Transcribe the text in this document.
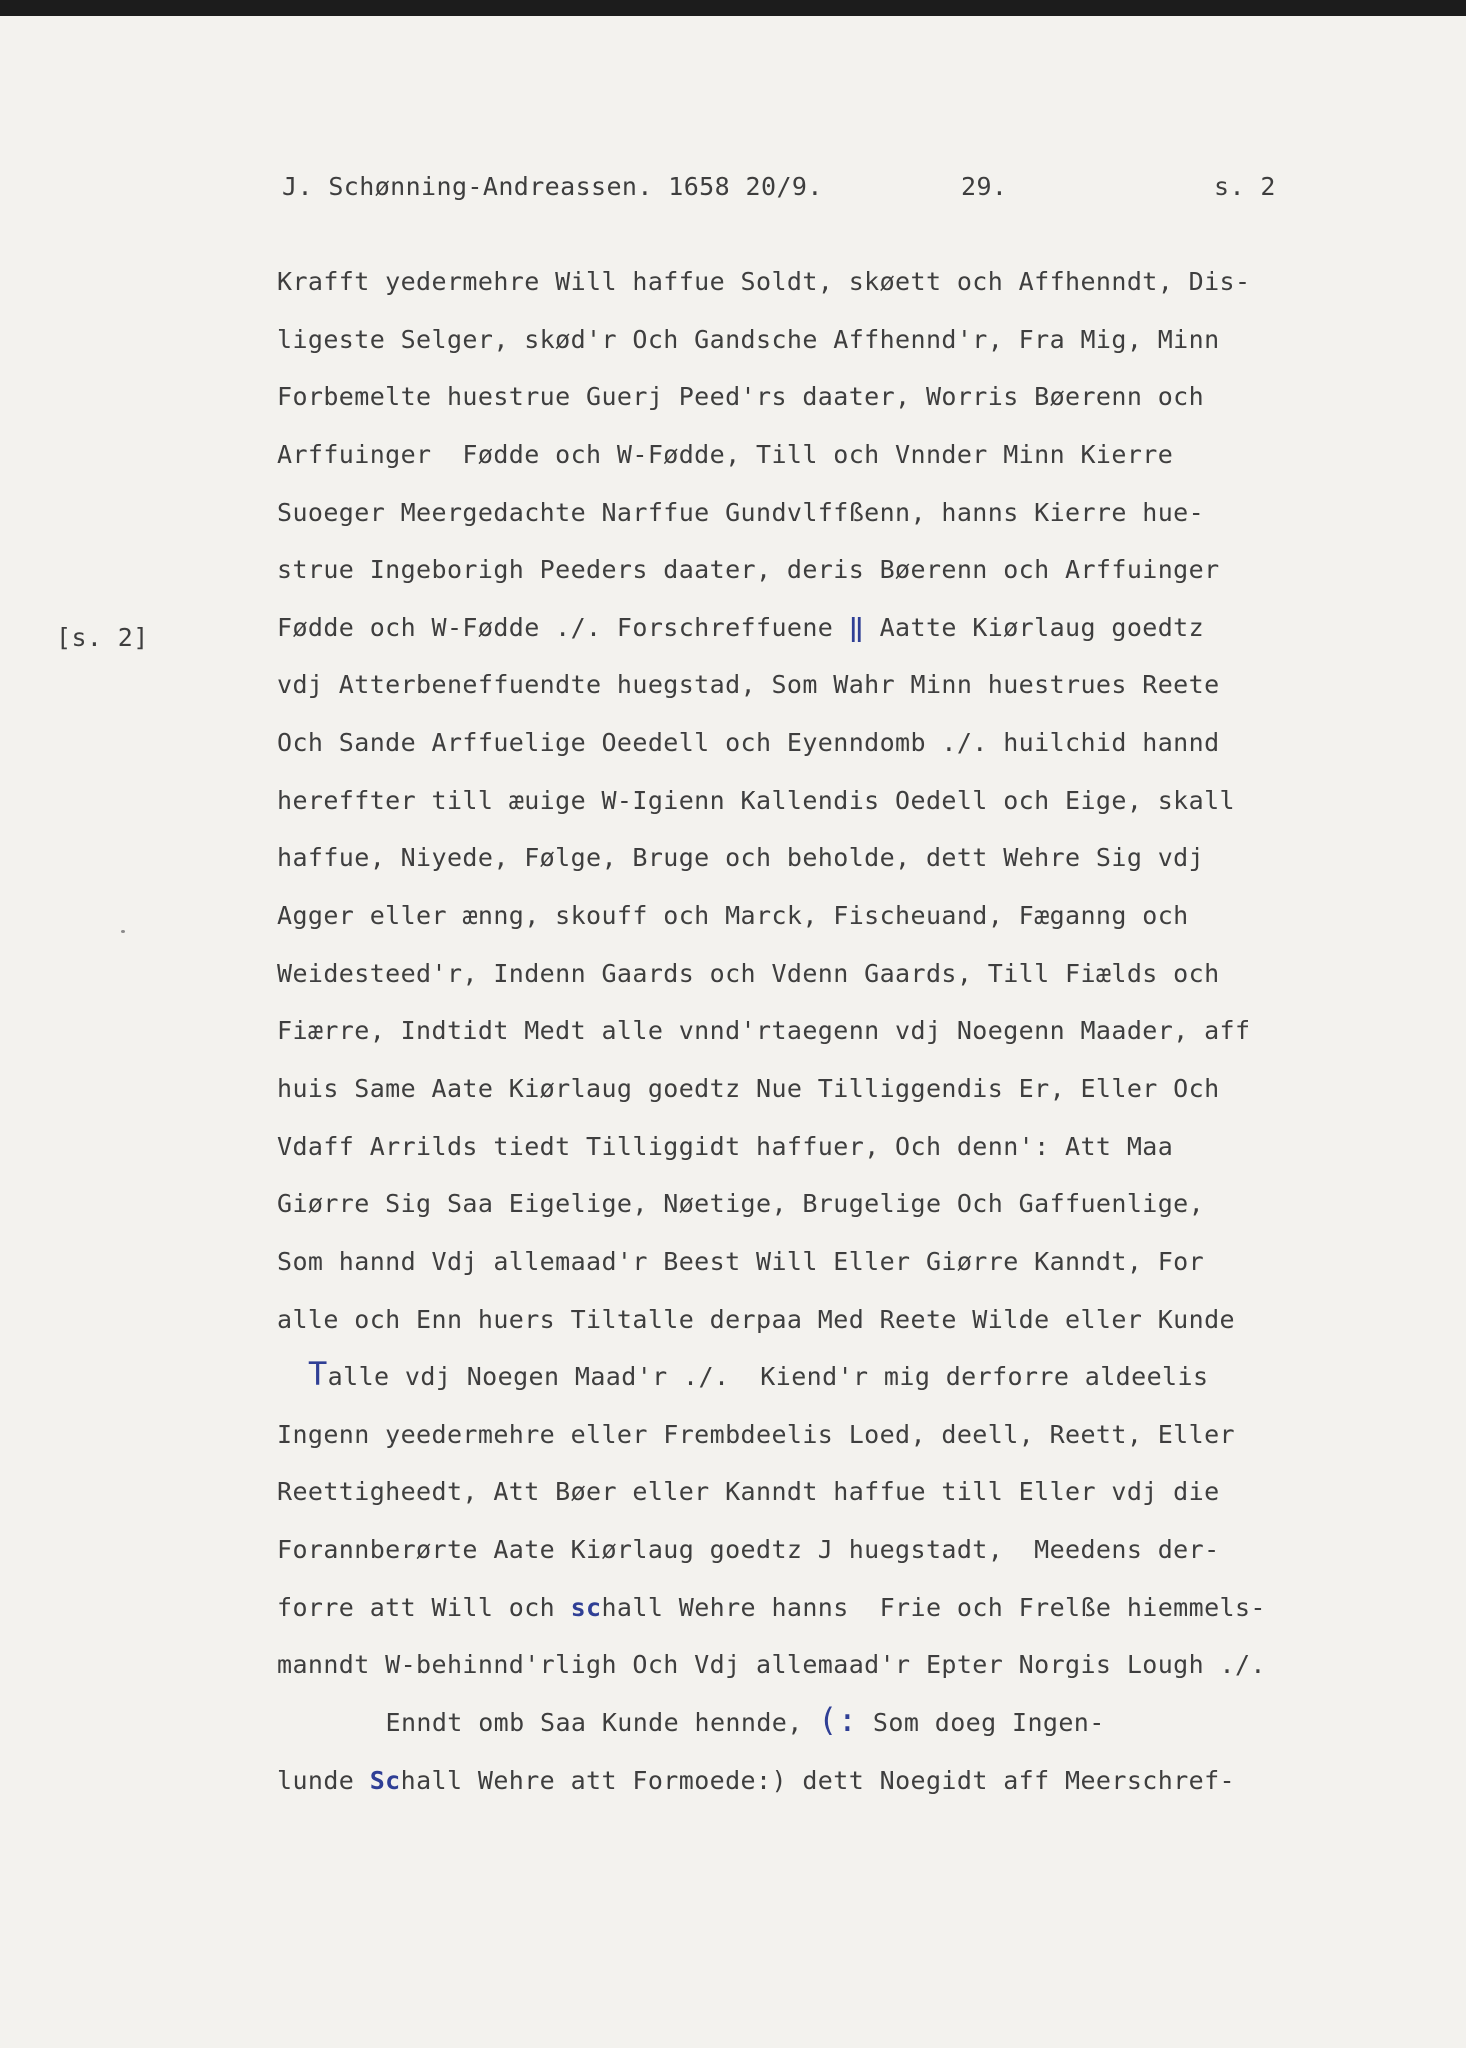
J. Schønning-Andreassen. 1658 20/9.	29.	s. 2
[s. 2]
Krafft yedermehre Will haffue Soldt, skøett och Affhenndt, Dis-
ligeste Selger, skød'r Och Gandsche Affhennd'r, Fra Mig, Minn
Forbemelte huestrue Guerj Peed'rs daater, Worris Bøerenn och
Arffuinger  Fødde och W-Fødde, Till och Vnnder Minn Kierre
Suoeger Meergedachte Narffue Gundvlffßenn, hanns Kierre hue-
strue Ingeborigh Peeders daater, deris Bøerenn och Arffuinger
Fødde och W-Fødde ./. Forschreffuene ‖ Aatte Kiørlaug goedtz
vdj Atterbeneffuendte huegstad, Som Wahr Minn huestrues Reete
Och Sande Arffuelige Oeedell och Eyenndomb ./. huilchid hannd
hereffter till æuige W-Igienn Kallendis Oedell och Eige, skall
haffue, Niyede, Følge, Bruge och beholde, dett Wehre Sig vdj
Agger eller ænng, skouff och Marck, Fischeuand, Fæganng och
Weidesteed'r, Indenn Gaards och Vdenn Gaards, Till Fiælds och
Fiærre, Indtidt Medt alle vnnd'rtaegenn vdj Noegenn Maader, aff
huis Same Aate Kiørlaug goedtz Nue Tilliggendis Er, Eller Och
Vdaff Arrilds tiedt Tilliggidt haffuer, Och denn': Att Maa
Giørre Sig Saa Eigelige, Nøetige, Brugelige Och Gaffuenlige,
Som hannd Vdj allemaad'r Beest Will Eller Giørre Kanndt, For
alle och Enn huers Tiltalle derpaa Med Reete Wilde eller Kunde
Talle vdj Noegen Maad'r ./.  Kiend'r mig derforre aldeelis
Ingenn yeedermehre eller Frembdeelis Loed, deell, Reett, Eller
Reettigheedt, Att Bøer eller Kanndt haffue till Eller vdj die
Forannberørte Aate Kiørlaug goedtz J huegstadt,  Meedens der-
forre att Will och schall Wehre hanns  Frie och Frelße hiemmels-
manndt W-behinnd'rligh Och Vdj allemaad'r Epter Norgis Lough ./.
Enndt omb Saa Kunde hennde, (: Som doeg Ingen-
lunde Schall Wehre att Formoede:) dett Noegidt aff Meerschref-
